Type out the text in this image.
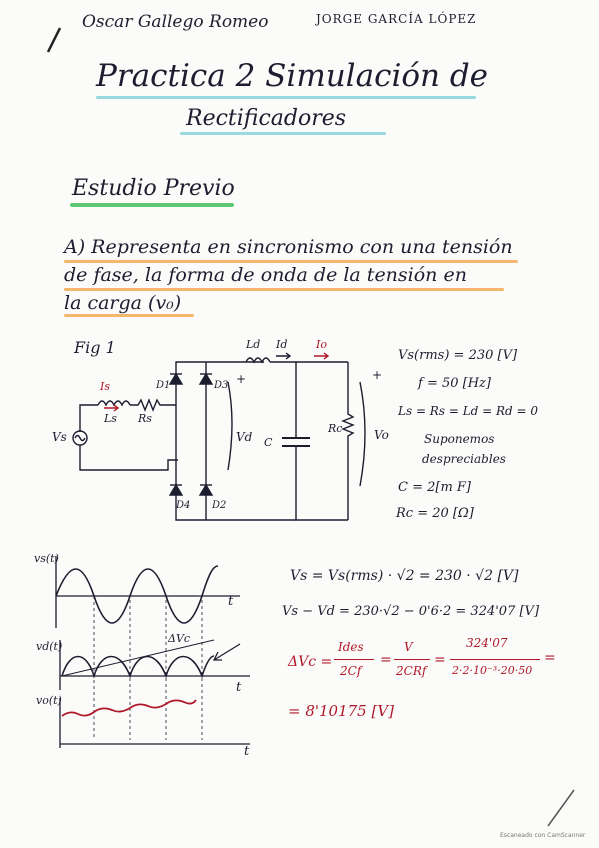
Oscar Gallego Romeo	JORGE GARCÍA LÓPEZ
Practica 2 Simulación de
Rectificadores
Estudio Previo
A) Representa en sincronismo con una tensión
de fase, la forma de onda de la tensión en
la carga (v₀)
Fig 1
Is
Ls Rs
Vs
D1	D3
D4 D2
Ld Id	Io
+	+
Vd C
Rc	Vo
Vs(rms) = 230 [V]
f = 50 [Hz]
Ls = Rs = Ld = Rd = 0
Suponemos
despreciables
C = 2[m F]
Rc = 20 [Ω]
vs(t)
vd(t)
vo(t)
t
t
t
ΔVc
Vs = Vs(rms) · √2 = 230 · √2 [V]
Vs − Vd = 230·√2 − 0'6·2 = 324'07 [V]
ΔVc =
Ides
2Cf
=
V
2CRf
=
324'07
2·2·10⁻³·20·50
=
= 8'10175 [V]
Escaneado con CamScanner
